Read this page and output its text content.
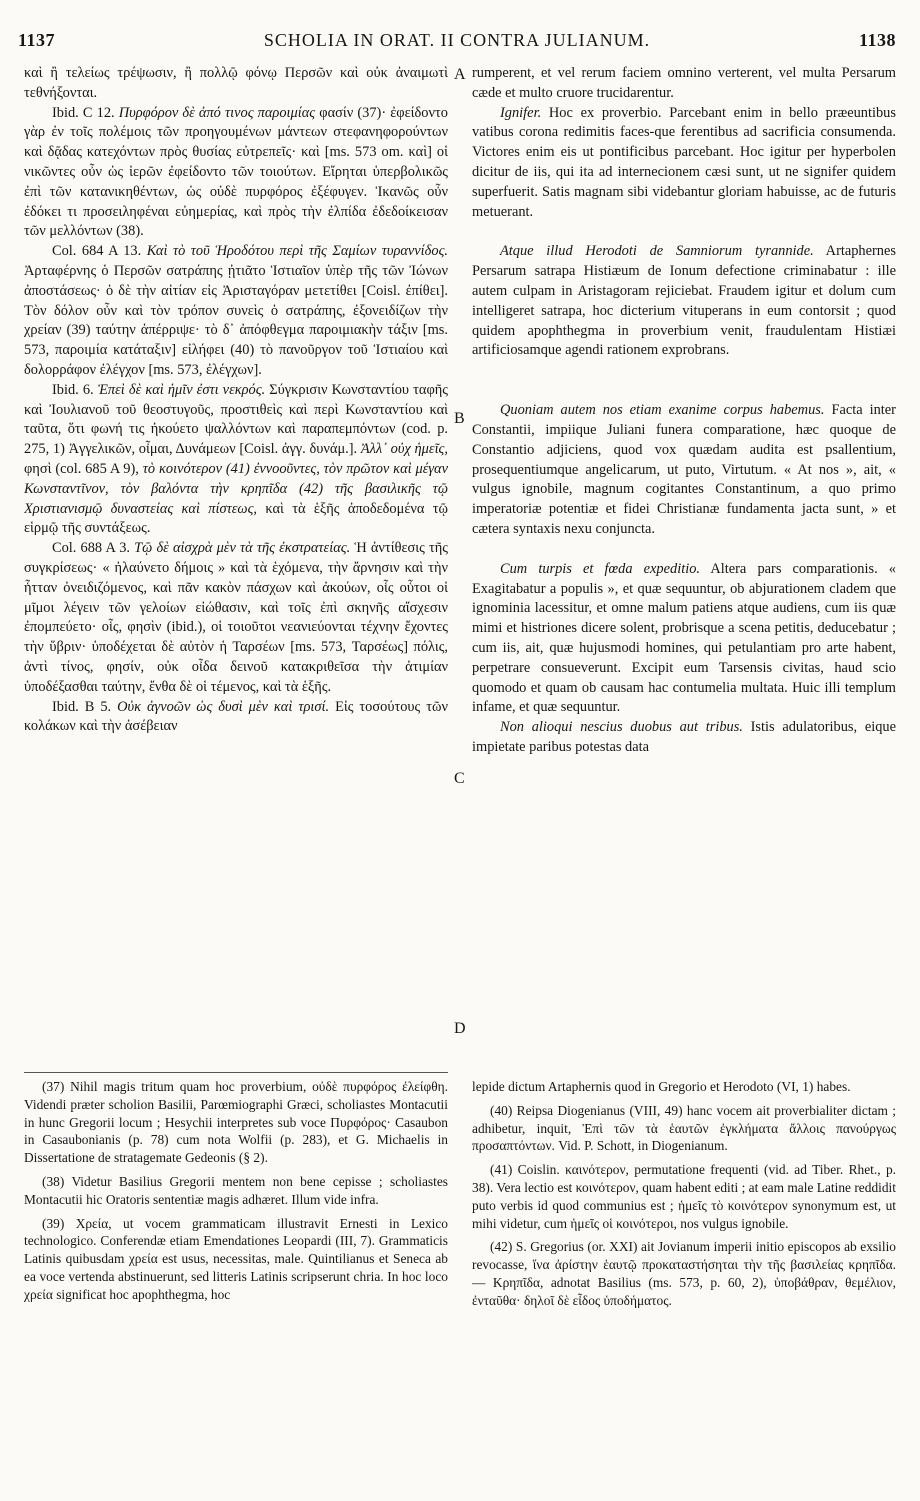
1137	SCHOLIA IN ORAT. II CONTRA JULIANUM.	1138
A
B
C
D

καὶ ἢ τελείως τρέψωσιν, ἢ πολλῷ φόνῳ Περσῶν καὶ οὐκ ἀναιμωτὶ τεθνήξονται.

Ibid. C 12. Πυρφόρον δὲ ἀπό τινος παροιμίας φασίν (37)· ἐφείδοντο γὰρ ἐν τοῖς πολέμοις τῶν προηγουμένων μάντεων στεφανηφορούντων καὶ δᾷδας κατεχόντων πρὸς θυσίας εὐτρεπεῖς· καὶ [ms. 573 om. καὶ] οἱ νικῶντες οὖν ὡς ἱερῶν ἐφείδοντο τῶν τοιούτων. Εἴρηται ὑπερβολικῶς ἐπὶ τῶν κατανικηθέντων, ὡς οὐδὲ πυρφόρος ἐξέφυγεν. Ἱκανῶς οὖν ἐδόκει τι προσειληφέναι εὐημερίας, καὶ πρὸς τὴν ἐλπίδα ἐδεδοίκεισαν τῶν μελλόντων (38).

Col. 684 A 13. Καὶ τὸ τοῦ Ἡροδότου περὶ τῆς Σαμίων τυραννίδος. Ἀρταφέρνης ὁ Περσῶν σατράπης ᾐτιᾶτο Ἱστιαῖον ὑπὲρ τῆς τῶν Ἰώνων ἀποστάσεως· ὁ δὲ τὴν αἰτίαν εἰς Ἀρισταγόραν μετετίθει [Coisl. ἐπίθει]. Τὸν δόλον οὖν καὶ τὸν τρόπον συνεὶς ὁ σατράπης, ἐξονειδίζων τὴν χρείαν (39) ταύτην ἀπέρριψε· τὸ δ᾽ ἀπόφθεγμα παροιμιακὴν τάξιν [ms. 573, παροιμία κατάταξιν] εἰλήφει (40) τὸ πανοῦργον τοῦ Ἱστιαίου καὶ δολορράφον ἐλέγχον [ms. 573, ἐλέγχων].

Ibid. 6. Ἐπεὶ δὲ καὶ ἡμῖν ἐστι νεκρός. Σύγκρισιν Κωνσταντίου ταφῆς καὶ Ἰουλιανοῦ τοῦ θεοστυγοῦς, προστιθεὶς καὶ περὶ Κωνσταντίου καὶ ταῦτα, ὅτι φωνή τις ἠκούετο ψαλλόντων καὶ παραπεμπόντων (cod. p. 275, 1) Ἀγγελικῶν, οἶμαι, Δυνάμεων [Coisl. ἀγγ. δυνάμ.]. Ἀλλ᾽ οὐχ ἡμεῖς, φησὶ (col. 685 A 9), τὸ κοινότερον (41) ἐννοοῦντες, τὸν πρῶτον καὶ μέγαν Κωνσταντῖνον, τὸν βαλόντα τὴν κρηπῖδα (42) τῆς βασιλικῆς τῷ Χριστιανισμῷ δυναστείας καὶ πίστεως, καὶ τὰ ἑξῆς ἀποδεδομένα τῷ εἱρμῷ τῆς συντάξεως.

Col. 688 A 3. Τῷ δὲ αἰσχρὰ μὲν τὰ τῆς ἐκστρατείας. Ἡ ἀντίθεσις τῆς συγκρίσεως· « ἠλαύνετο δήμοις » καὶ τὰ ἑχόμενα, τὴν ἄρνησιν καὶ τὴν ἧτταν ὀνειδιζόμενος, καὶ πᾶν κακὸν πάσχων καὶ ἀκούων, οἷς οὗτοι οἱ μῖμοι λέγειν τῶν γελοίων εἰώθασιν, καὶ τοῖς ἐπὶ σκηνῆς αἴσχεσιν ἐπομπεύετο· οἷς, φησὶν (ibid.), οἱ τοιοῦτοι νεανιεύονται τέχνην ἔχοντες τὴν ὕβριν· ὑποδέχεται δὲ αὐτὸν ἡ Ταρσέων [ms. 573, Ταρσέως] πόλις, ἀντὶ τίνος, φησίν, οὐκ οἶδα δεινοῦ κατακριθεῖσα τὴν ἀτιμίαν ὑποδέξασθαι ταύτην, ἔνθα δὲ οἱ τέμενος, καὶ τὰ ἑξῆς.

Ibid. B 5. Οὐκ ἀγνοῶν ὡς δυσὶ μὲν καὶ τρισί. Εἰς τοσούτους τῶν κολάκων καὶ τὴν ἀσέβειαν

rumperent, et vel rerum faciem omnino verterent, vel multa Persarum cæde et multo cruore trucidarentur.

Ignifer. Hoc ex proverbio. Parcebant enim in bello præeuntibus vatibus corona redimitis faces-que ferentibus ad sacrificia consumenda. Victores enim eis ut pontificibus parcebant. Hoc igitur per hyperbolen dicitur de iis, qui ita ad internecionem cæsi sunt, ut ne signifer quidem superfuerit. Satis magnam sibi videbantur gloriam habuisse, ac de futuris metuerant.

Atque illud Herodoti de Samniorum tyrannide. Artaphernes Persarum satrapa Histiæum de Ionum defectione criminabatur : ille autem culpam in Aristagoram rejiciebat. Fraudem igitur et dolum cum intelligeret satrapa, hoc dicterium vituperans in eum contorsit ; quod quidem apophthegma in proverbium venit, fraudulentam Histiæi artificiosamque agendi rationem exprobrans.

Quoniam autem nos etiam exanime corpus habemus. Facta inter Constantii, impiique Juliani funera comparatione, hæc quoque de Constantio adjiciens, quod vox quædam audita est psallentium, prosequentiumque angelicarum, ut puto, Virtutum. « At nos », ait, « vulgus ignobile, magnum cogitantes Constantinum, a quo primo imperatoriæ potentiæ et fidei Christianæ fundamenta jacta sunt, » et cætera syntaxis nexu conjuncta.

Cum turpis et fœda expeditio. Altera pars comparationis. « Exagitabatur a populis », et quæ sequuntur, ob abjurationem cladem que ignominia lacessitur, et omne malum patiens atque audiens, cum iis quæ mimi et histriones dicere solent, probrisque a scena petitis, deducebatur ; cum iis, ait, quæ hujusmodi homines, qui petulantiam pro arte habent, perpetrare consueverunt. Excipit eum Tarsensis civitas, haud scio quomodo et quam ob causam hac contumelia multata. Huic illi templum infame, et quæ sequuntur.

Non alioqui nescius duobus aut tribus. Istis adulatoribus, eique impietate paribus potestas data

(37) Nihil magis tritum quam hoc proverbium, οὐδὲ πυρφόρος ἐλείφθη. Videndi præter scholion Basilii, Parœmiographi Græci, scholiastes Montacutii in hunc Gregorii locum ; Hesychii interpretes sub voce Πυρφόρος· Casaubon in Casaubonianis (p. 78) cum nota Wolfii (p. 283), et G. Michaelis in Dissertatione de stratagemate Gedeonis (§ 2).

(38) Videtur Basilius Gregorii mentem non bene cepisse ; scholiastes Montacutii hic Oratoris sententiæ magis adhæret. Illum vide infra.

(39) Χρεία, ut vocem grammaticam illustravit Ernesti in Lexico technologico. Conferendæ etiam Emendationes Leopardi (III, 7). Grammaticis Latinis quibusdam χρεία est usus, necessitas, male. Quintilianus et Seneca ab ea voce vertenda abstinuerunt, sed litteris Latinis scripserunt chria. In hoc loco χρεία significat hoc apophthegma, hoc

lepide dictum Artaphernis quod in Gregorio et Herodoto (VI, 1) habes.

(40) Reipsa Diogenianus (VIII, 49) hanc vocem ait proverbialiter dictam ; adhibetur, inquit, Ἐπὶ τῶν τὰ ἑαυτῶν ἐγκλήματα ἄλλοις πανούργως προσαπτόντων. Vid. P. Schott, in Diogenianum.

(41) Coislin. καινότερον, permutatione frequenti (vid. ad Tiber. Rhet., p. 38). Vera lectio est κοινότερον, quam habent editi ; at eam male Latine reddidit puto verbis id quod communius est ; ἡμεῖς τὸ κοινότερον synonymum est, ut mihi videtur, cum ἡμεῖς οἱ κοινότεροι, nos vulgus ignobile.

(42) S. Gregorius (or. XXI) ait Jovianum imperii initio episcopos ab exsilio revocasse, ἵνα ἀρίστην ἑαυτῷ προκαταστήσηται τὴν τῆς βασιλείας κρηπῖδα. — Κρηπῖδα, adnotat Basilius (ms. 573, p. 60, 2), ὑποβάθραν, θεμέλιον, ἐνταῦθα· δηλοῖ δὲ εἶδος ὑποδήματος.
